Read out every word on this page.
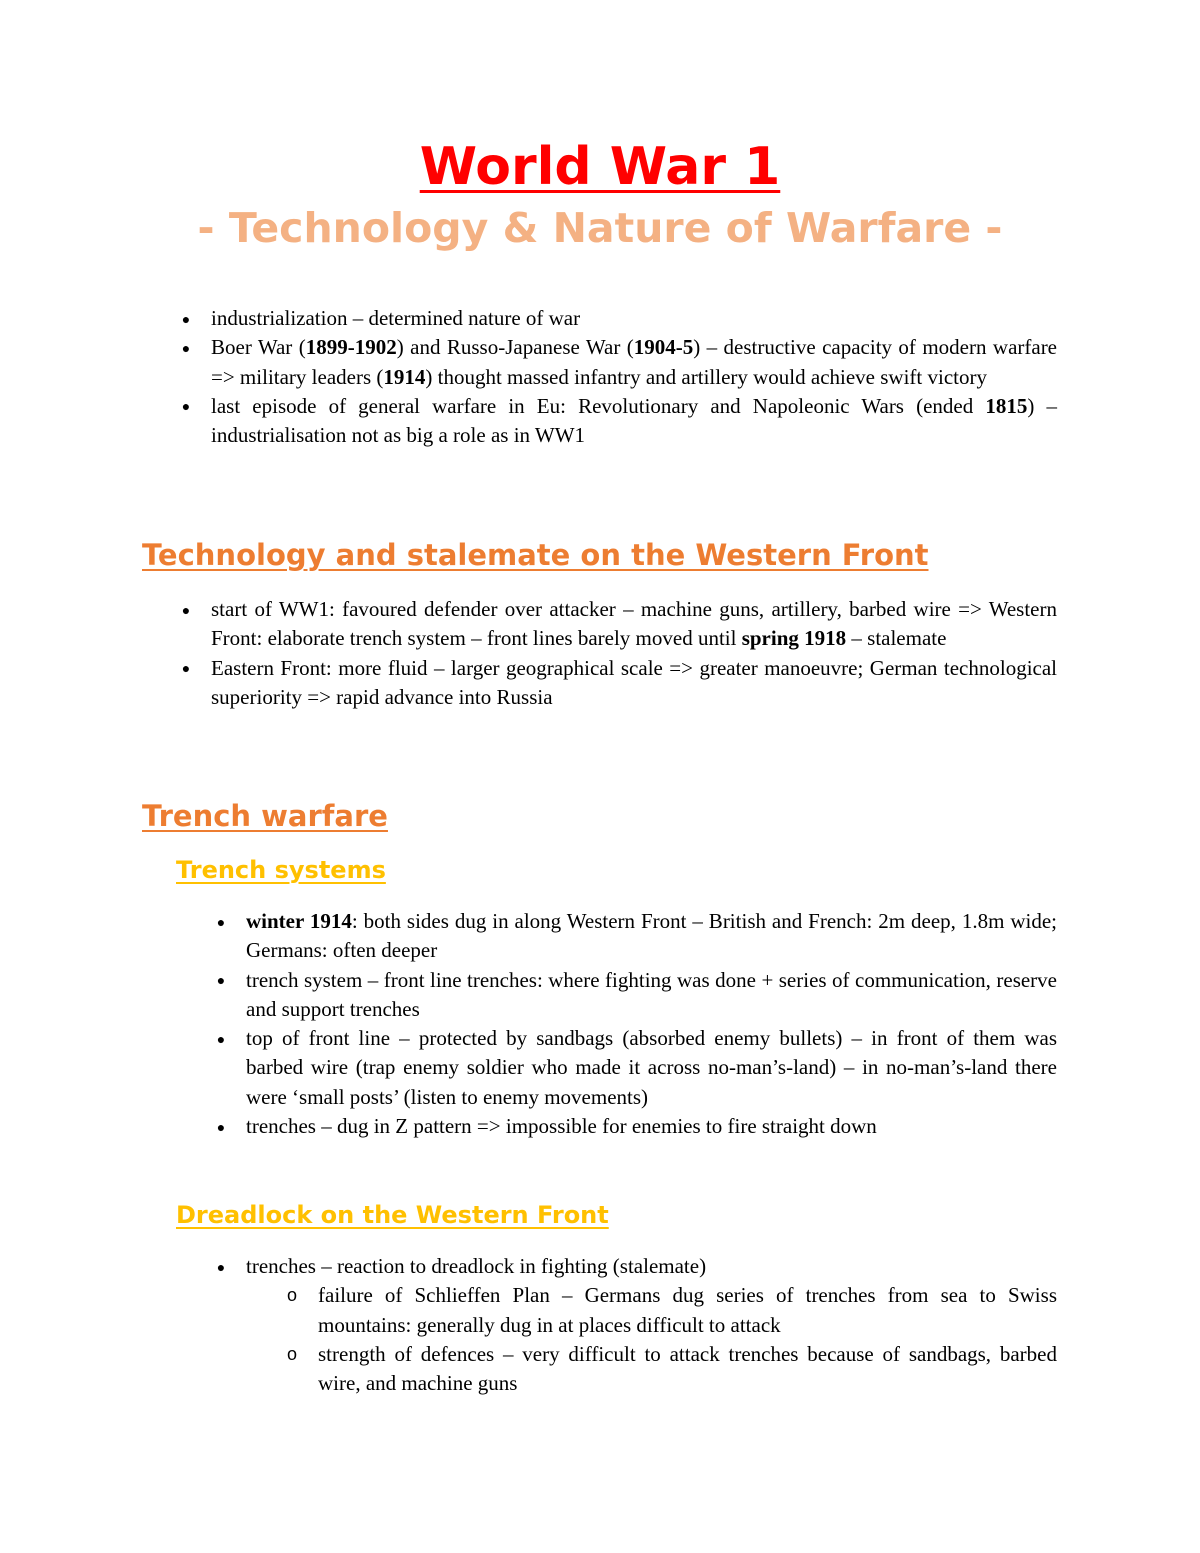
World War 1
- Technology & Nature of Warfare -
●
industrialization – determined nature of war
●
Boer War (1899-1902) and Russo-Japanese War (1904-5) – destructive capacity of modern warfare => military leaders (1914) thought massed infantry and artillery would achieve swift victory
●
last episode of general warfare in Eu: Revolutionary and Napoleonic Wars (ended 1815) – industrialisation not as big a role as in WW1
Technology and stalemate on the Western Front
●
start of WW1: favoured defender over attacker – machine guns, artillery, barbed wire => Western Front: elaborate trench system – front lines barely moved until spring 1918 – stalemate
●
Eastern Front: more fluid – larger geographical scale => greater manoeuvre; German technological superiority => rapid advance into Russia
Trench warfare
Trench systems
●
winter 1914: both sides dug in along Western Front – British and French: 2m deep, 1.8m wide; Germans: often deeper
●
trench system – front line trenches: where fighting was done + series of communication, reserve and support trenches
●
top of front line – protected by sandbags (absorbed enemy bullets) – in front of them was barbed wire (trap enemy soldier who made it across no-man’s-land) – in no-man’s-land there were ‘small posts’ (listen to enemy movements)
●
trenches – dug in Z pattern => impossible for enemies to fire straight down
Dreadlock on the Western Front
●
trenches – reaction to dreadlock in fighting (stalemate)
o failure of Schlieffen Plan – Germans dug series of trenches from sea to Swiss mountains: generally dug in at places difficult to attack
o strength of defences – very difficult to attack trenches because of sandbags, barbed wire, and machine guns
